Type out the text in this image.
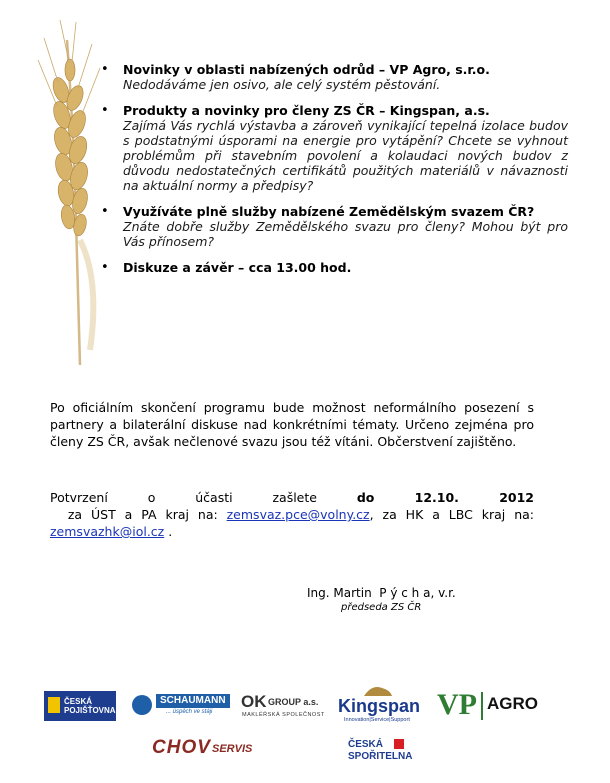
• Novinky v oblasti nabízených odrůd – VP Agro, s.r.o.
Nedodáváme jen osivo, ale celý systém pěstování.
• Produkty a novinky pro členy ZS ČR – Kingspan, a.s.
Zajímá Vás rychlá výstavba a zároveň vynikající tepelná izolace budov s podstatnými úsporami na energie pro vytápění? Chcete se vyhnout problémům při stavebním povolení a kolaudaci nových budov z důvodu nedostatečných certifikátů použitých materiálů v návaznosti na aktuální normy a předpisy?
• Využíváte plně služby nabízené Zemědělským svazem ČR?
Znáte dobře služby Zemědělského svazu pro členy? Mohou být pro Vás přínosem?
• Diskuze a závěr – cca 13.00 hod.
Po oficiálním skončení programu bude možnost neformálního posezení s partnery a bilaterální diskuse nad konkrétními tématy. Určeno zejména pro členy ZS ČR, avšak nečlenové svazu jsou též vítáni. Občerstvení zajištěno.
Potvrzení o účasti zašlete do 12.10. 2012  za ÚST a PA kraj na: zemsvaz.pce@volny.cz, za HK a LBC kraj na: zemsvazhk@iol.cz .
Ing. Martin  P ý c h a, v.r.
předseda ZS ČR
ČESKÁ
POJIŠŤOVNA
SCHAUMANN
... úspěch ve stáji
OK GROUP a.s.
MAKLÉŘSKÁ SPOLEČNOST Kingspan
Innovation|Service|Support VP AGRO
CHOV SERVIS	ČESKÁ
SPOŘITELNA
